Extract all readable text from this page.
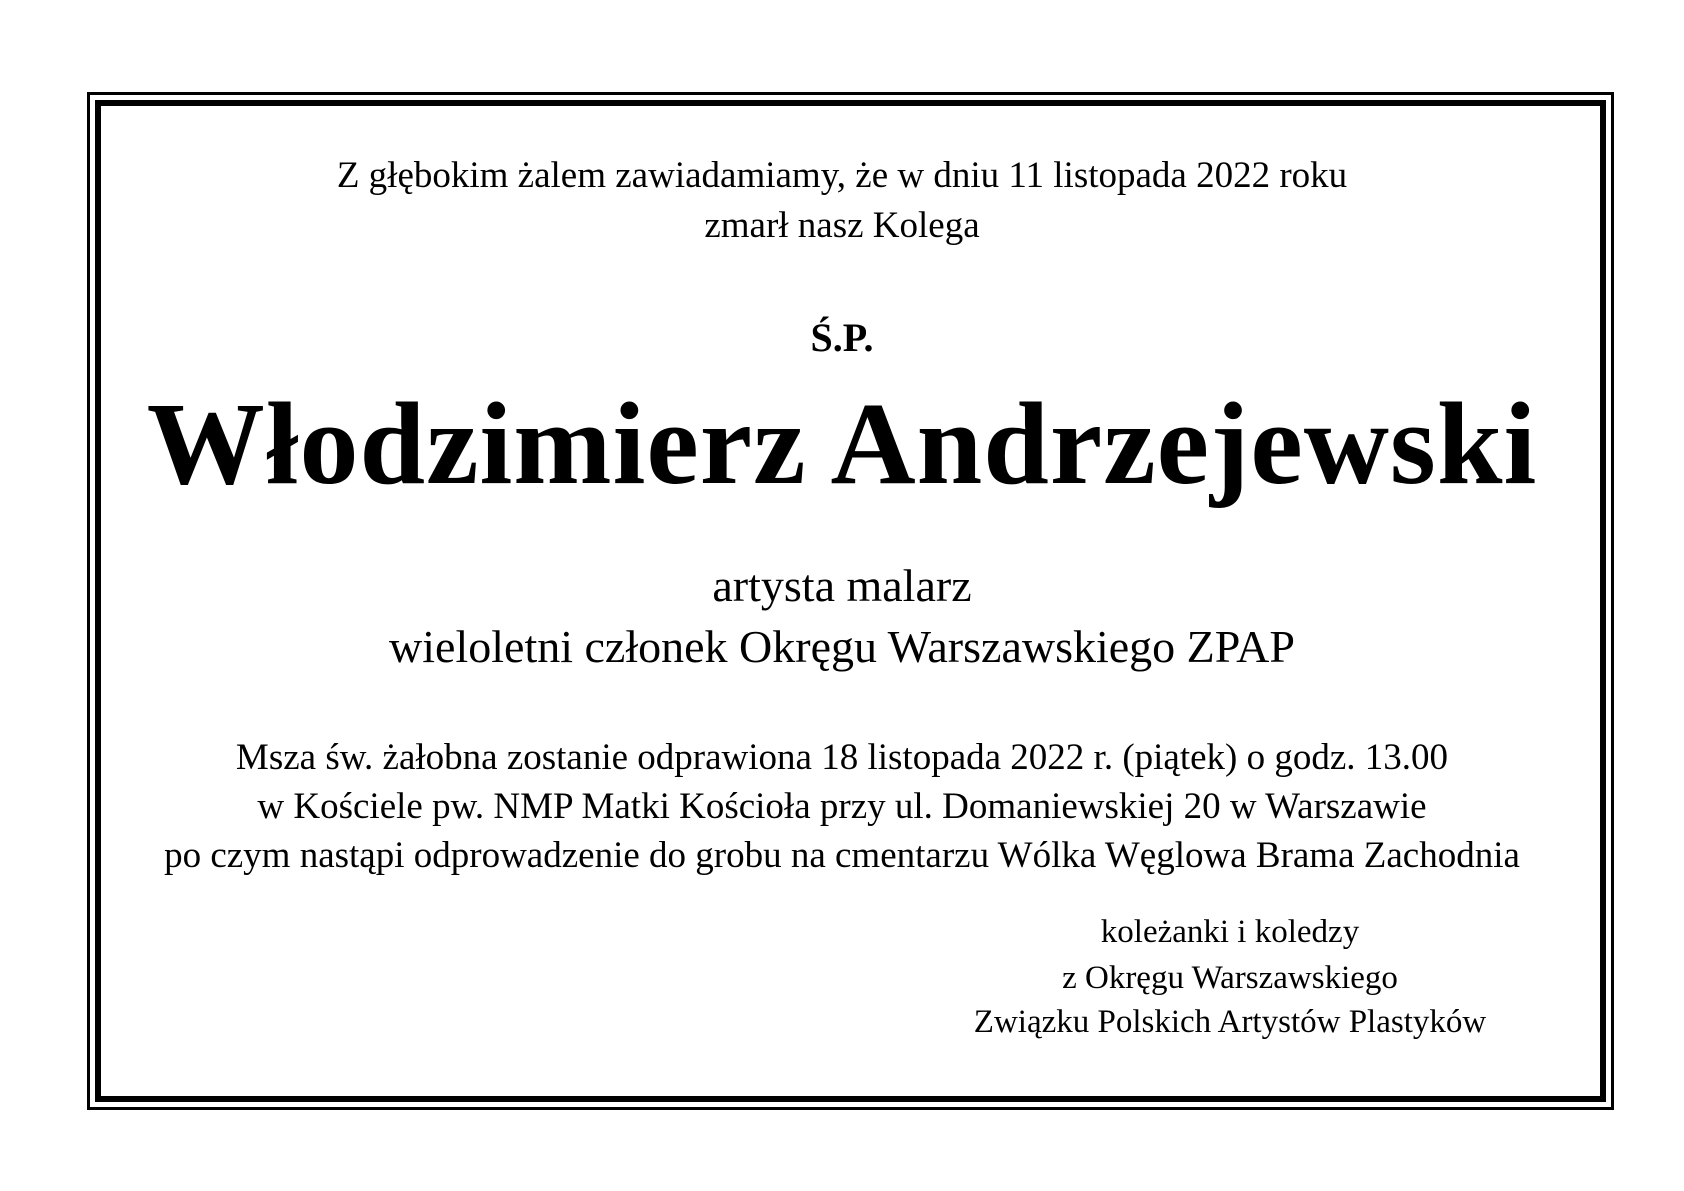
Z głębokim żalem zawiadamiamy, że w dniu 11 listopada 2022 roku
zmarł nasz Kolega
Ś.P.
Włodzimierz Andrzejewski
artysta malarz
wieloletni członek Okręgu Warszawskiego ZPAP
Msza św. żałobna zostanie odprawiona 18 listopada 2022 r. (piątek) o godz. 13.00
w Kościele pw. NMP Matki Kościoła przy ul. Domaniewskiej 20 w Warszawie
po czym nastąpi odprowadzenie do grobu na cmentarzu Wólka Węglowa Brama Zachodnia
koleżanki i koledzy
z Okręgu Warszawskiego
Związku Polskich Artystów Plastyków
